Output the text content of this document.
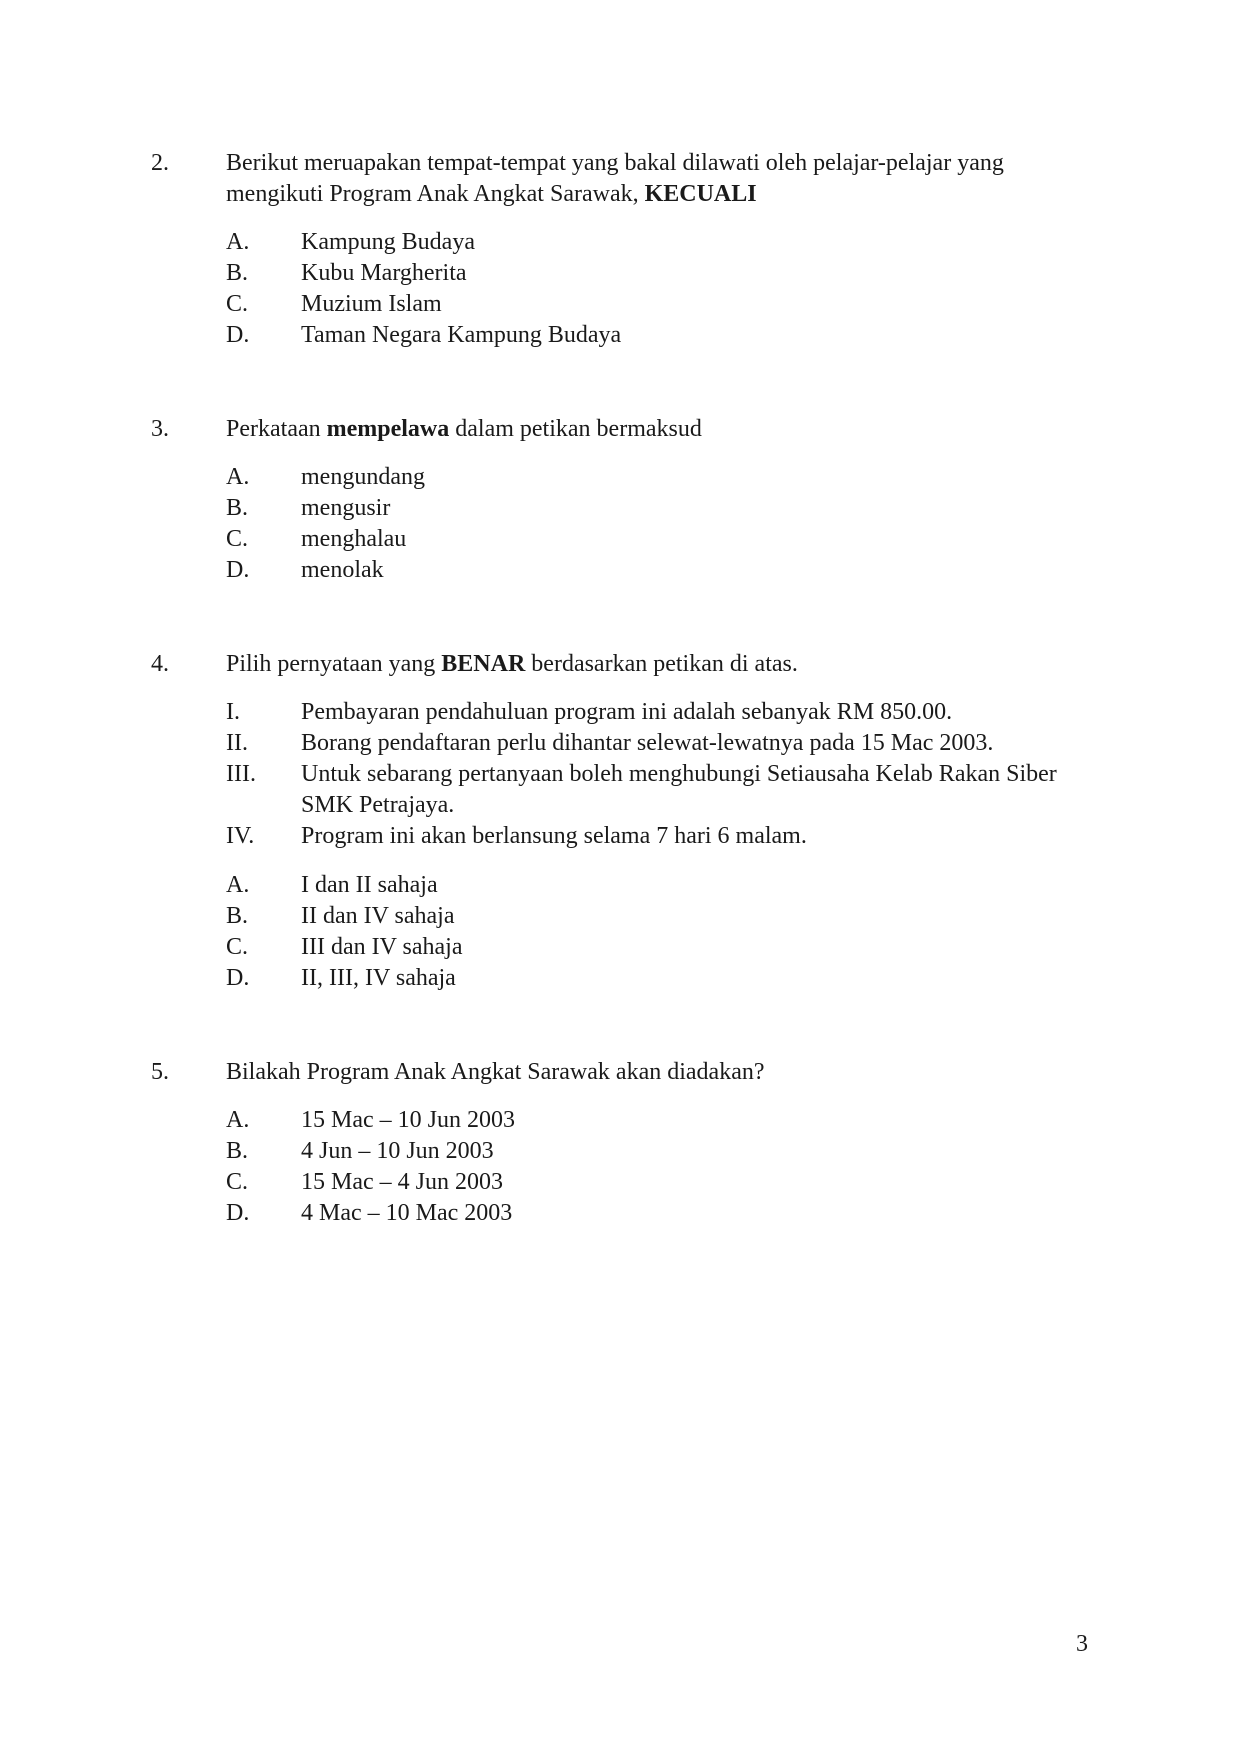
2. Berikut meruapakan tempat-tempat yang bakal dilawati oleh pelajar-pelajar yang
mengikuti Program Anak Angkat Sarawak, KECUALI
A. Kampung Budaya
B. Kubu Margherita
C. Muzium Islam
D. Taman Negara Kampung Budaya
3. Perkataan mempelawa dalam petikan bermaksud
A. mengundang
B. mengusir
C. menghalau
D. menolak
4. Pilih pernyataan yang BENAR berdasarkan petikan di atas.
I.	Pembayaran pendahuluan program ini adalah sebanyak RM 850.00.
II. Borang pendaftaran perlu dihantar selewat-lewatnya pada 15 Mac 2003.
III. Untuk sebarang pertanyaan boleh menghubungi Setiausaha Kelab Rakan Siber
SMK Petrajaya.
IV. Program ini akan berlansung selama 7 hari 6 malam.
A. I dan II sahaja
B. II dan IV sahaja
C. III dan IV sahaja
D. II, III, IV sahaja
5. Bilakah Program Anak Angkat Sarawak akan diadakan?
A. 15 Mac – 10 Jun 2003
B. 4 Jun – 10 Jun 2003
C. 15 Mac – 4 Jun 2003
D. 4 Mac – 10 Mac 2003
3
